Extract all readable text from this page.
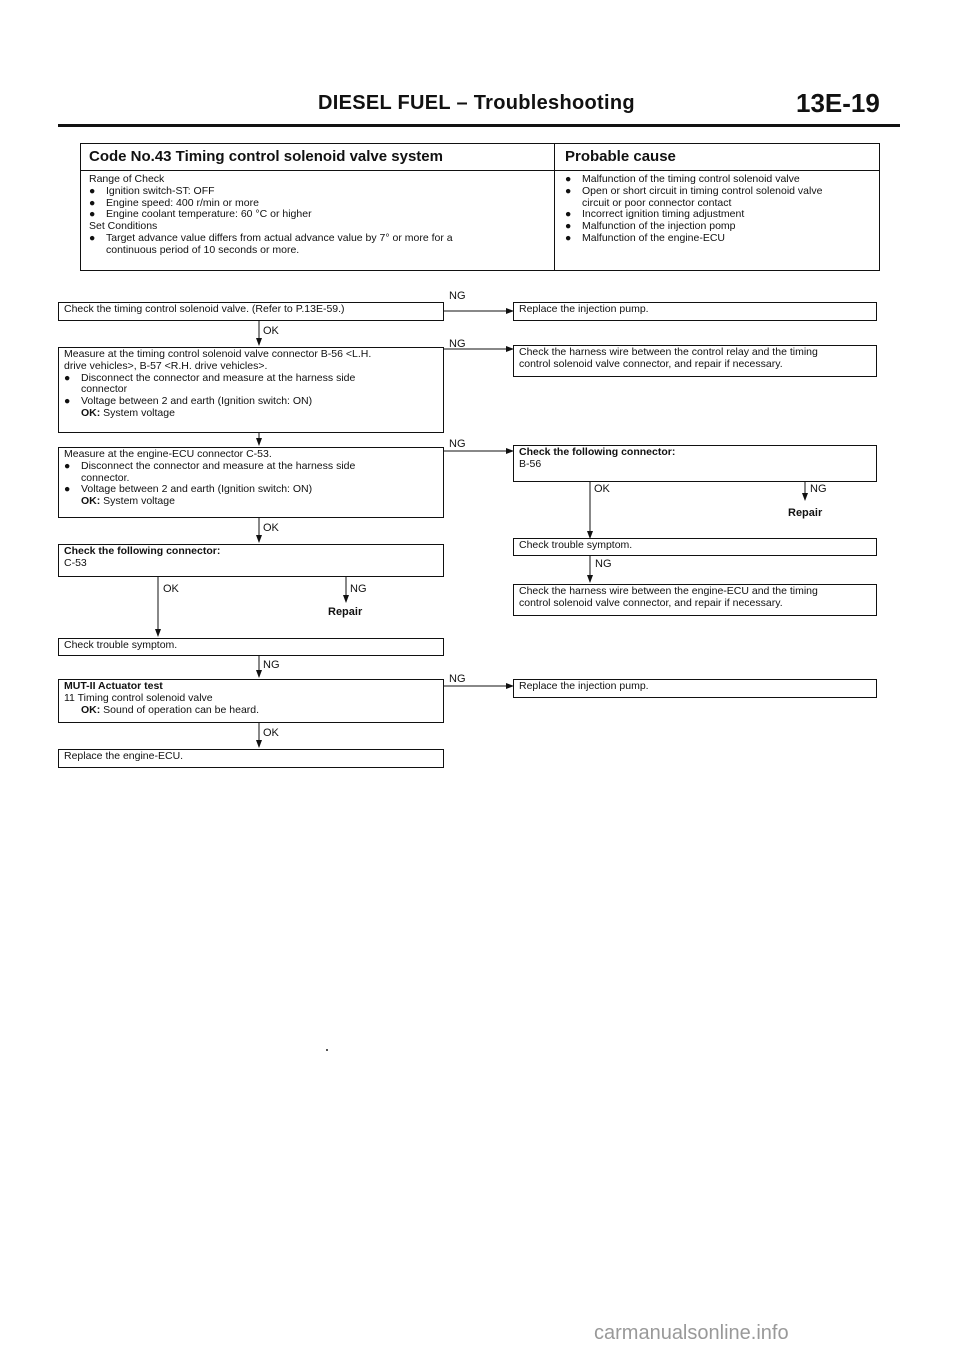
DIESEL FUEL – Troubleshooting	13E-19
Code No.43 Timing control solenoid valve system	Probable cause
Range of Check
● Ignition switch-ST: OFF
● Engine speed: 400 r/min or more
● Engine coolant temperature: 60 °C or higher
Set Conditions
● Target advance value differs from actual advance value by 7° or more for a
continuous period of 10 seconds or more.
● Malfunction of the timing control solenoid valve
● Open or short circuit in timing control solenoid valve
circuit or poor connector contact
● Incorrect ignition timing adjustment
● Malfunction of the injection pomp
● Malfunction of the engine-ECU
Check the timing control solenoid valve. (Refer to P.13E-59.)
OK
NG
Measure at the timing control solenoid valve connector B-56 <L.H.
drive vehicles>, B-57 <R.H. drive vehicles>.
● Disconnect the connector and measure at the harness side
connector
● Voltage between 2 and earth (Ignition switch: ON)
OK: System voltage
NG
Measure at the engine-ECU connector C-53.
● Disconnect the connector and measure at the harness side
connector.
● Voltage between 2 and earth (Ignition switch: ON)
OK: System voltage
OK
NG
Check the following connector:
C-53
OK	NG
Repair
Check trouble symptom.
NG
MUT-II Actuator test
11 Timing control solenoid valve
OK: Sound of operation can be heard.
OK
NG
Replace the engine-ECU.
Replace the injection pump.
Check the harness wire between the control relay and the timing
control solenoid valve connector, and repair if necessary.
Check the following connector:
B-56
OK	NG
Repair
Check trouble symptom.
NG
Check the harness wire between the engine-ECU and the timing
control solenoid valve connector, and repair if necessary.
Replace the injection pump.
carmanualsonline.info
